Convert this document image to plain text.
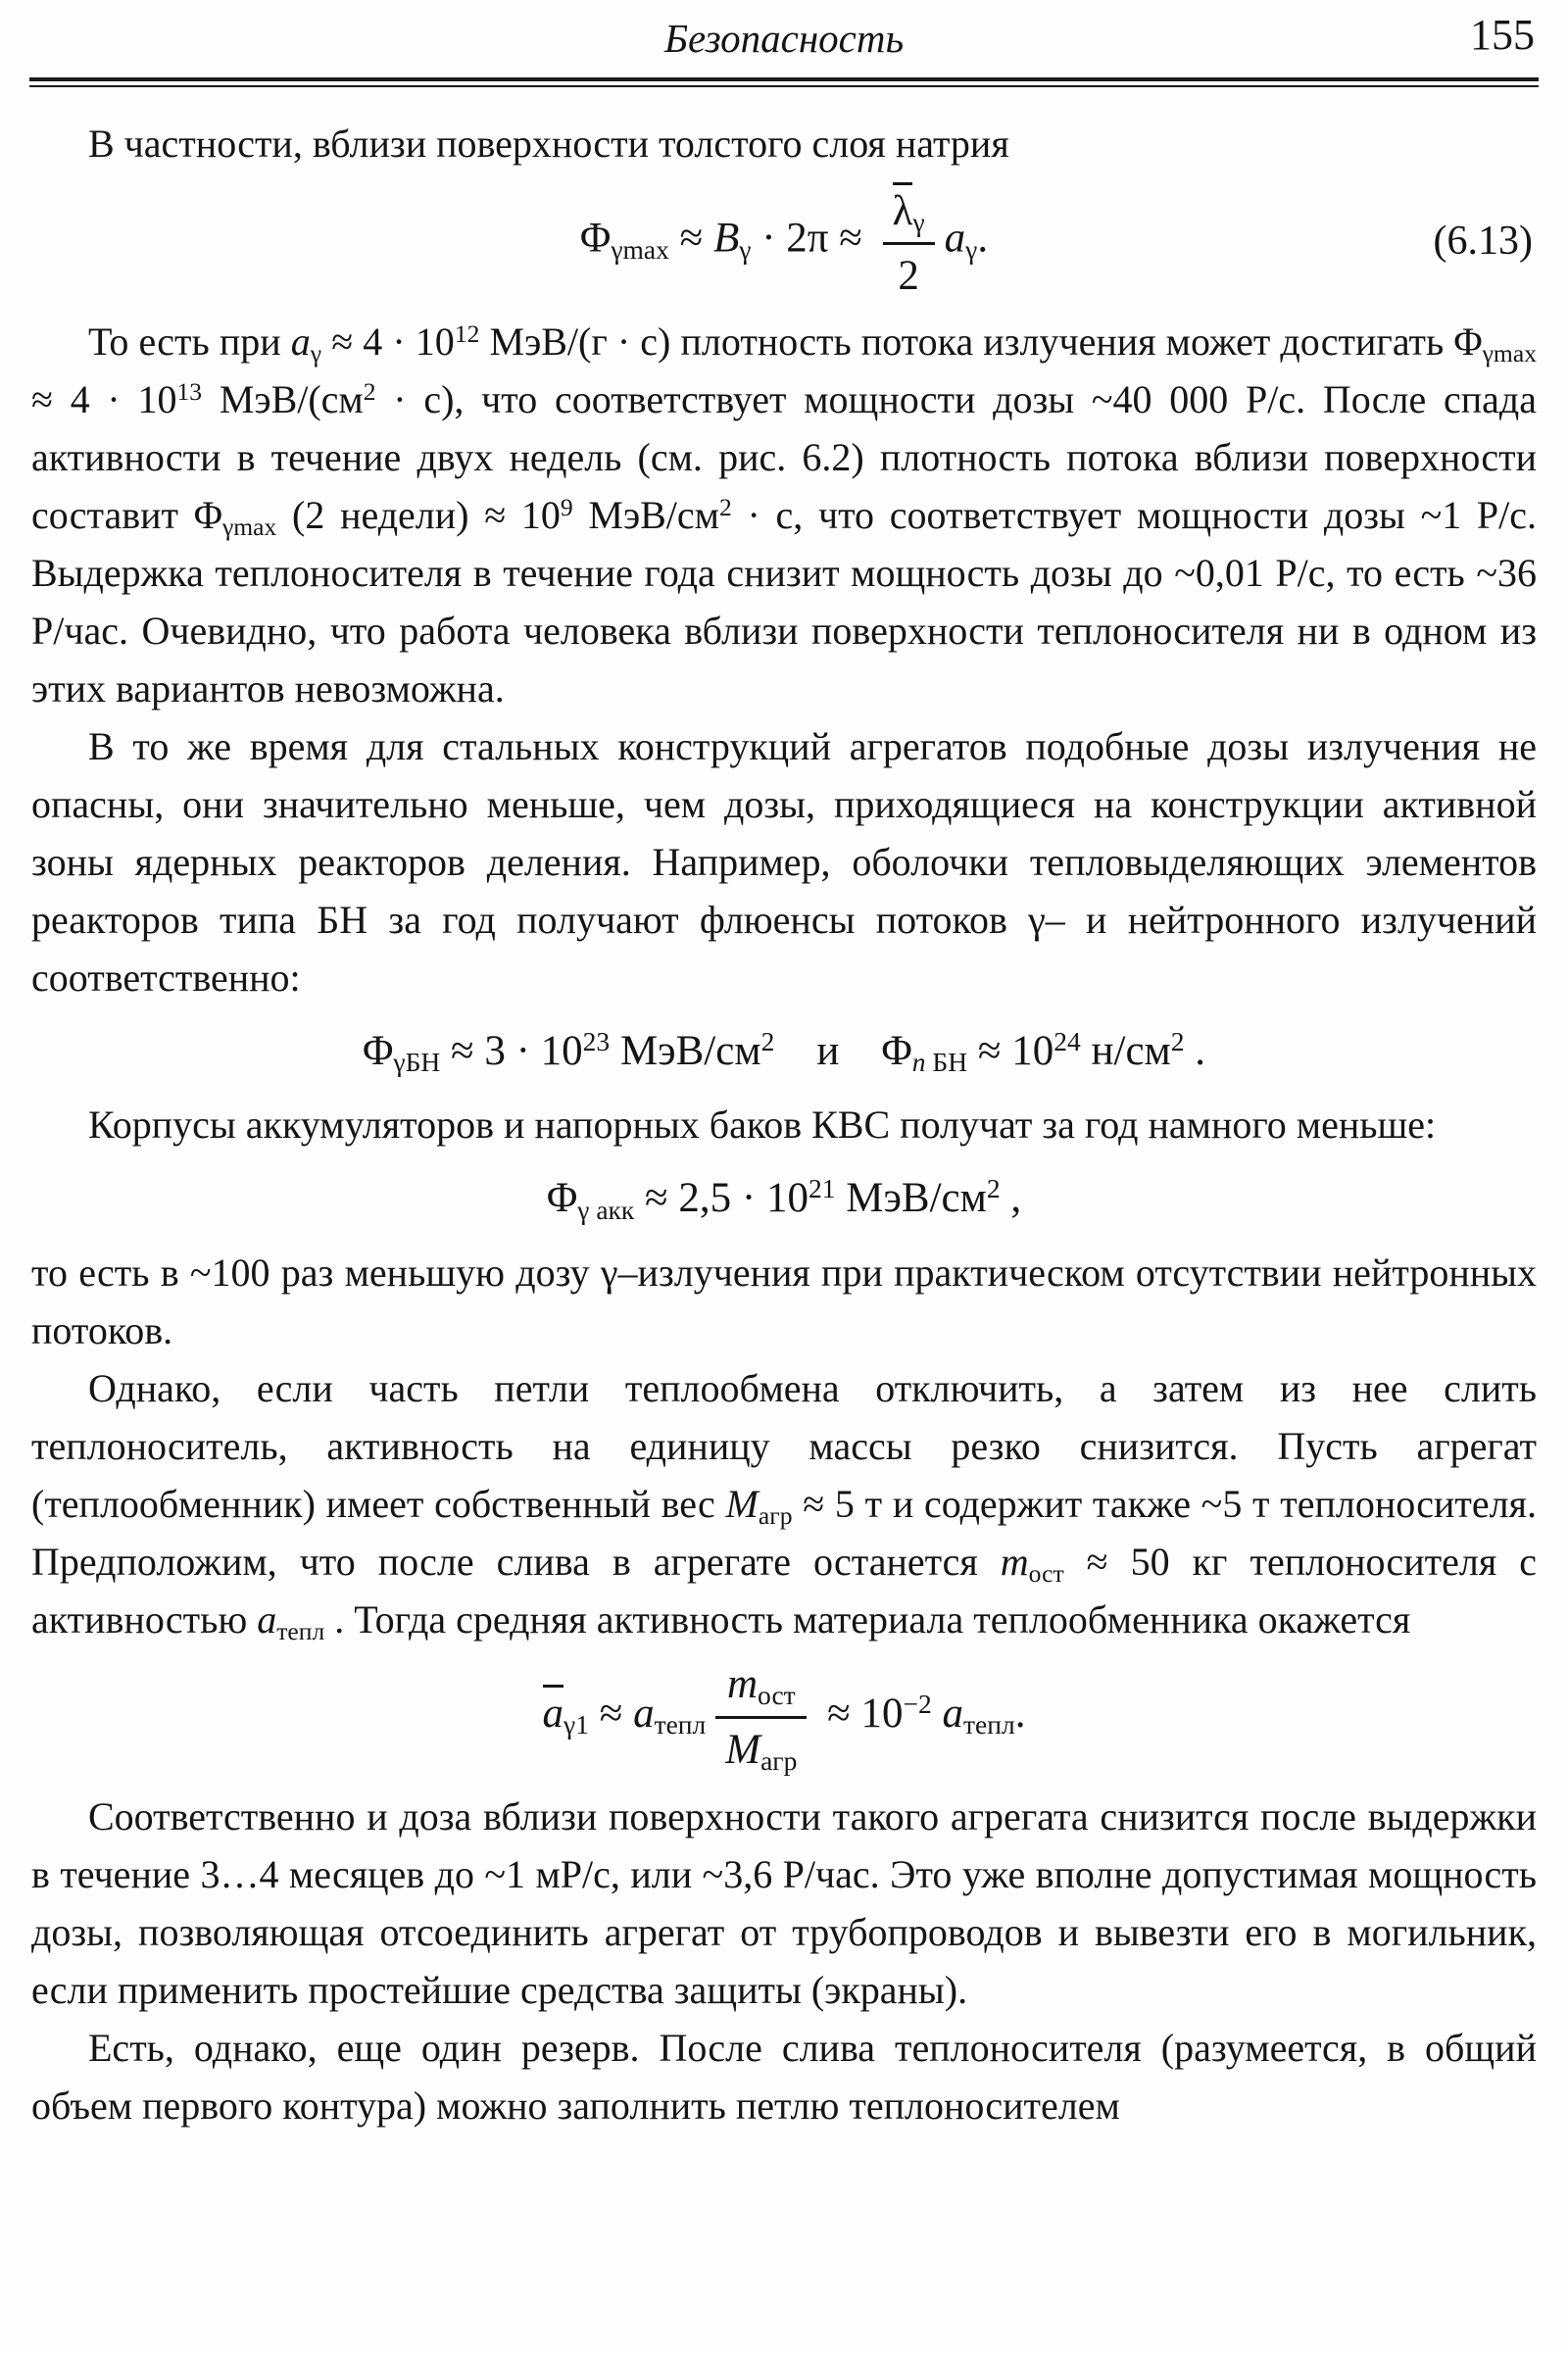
Безопасность	155

В частности, вблизи поверхности толстого слоя натрия

$\Phi_{\gamma max} \approx B_\gamma \cdot 2\pi \approx \frac{\lambda_\gamma}{2} a_\gamma$.	(6.13)

То есть при $a_\gamma \approx 4 \cdot 10^{12}$ МэВ/(г · с) плотность потока излучения может достигать $\Phi_{\gamma max} \approx 4 \cdot 10^{13}$ МэВ/$(см^2 \cdot с)$, что соответствует мощности дозы ~40 000 Р/с. После спада активности в течение двух недель (см. рис. 6.2) плотность потока вблизи поверхности составит $\Phi_{\gamma max}$ (2 недели) ≈ $10^9$ МэВ/$см^2 \cdot с$, что соответствует мощности дозы ~1 Р/с. Выдержка теплоносителя в течение года снизит мощность дозы до ~0,01 Р/с, то есть ~36 Р/час. Очевидно, что работа человека вблизи поверхности теплоносителя ни в одном из этих вариантов невозможна.

В то же время для стальных конструкций агрегатов подобные дозы излучения не опасны, они значительно меньше, чем дозы, приходящиеся на конструкции активной зоны ядерных реакторов деления. Например, оболочки тепловыделяющих элементов реакторов типа БН за год получают флюенсы потоков γ– и нейтронного излучений соответственно:

$\Phi_{\gamma БН} \approx 3 \cdot 10^{23}$ МэВ/$см^2$    и    $\Phi_{n БН} \approx 10^{24}$ $н/см^2$ .

Корпусы аккумуляторов и напорных баков КВС получат за год намного меньше:

$\Phi_{\gamma акк} \approx 2,5 \cdot 10^{21}$ МэВ/$см^2$ ,

то есть в ~100 раз меньшую дозу γ–излучения при практическом отсутствии нейтронных потоков.

Однако, если часть петли теплообмена отключить, а затем из нее слить теплоноситель, активность на единицу массы резко снизится. Пусть агрегат (теплообменник) имеет собственный вес $M_{агр} \approx 5$ т и содержит также ~5 т теплоносителя. Предположим, что после слива в агрегате останется $m_{ост} \approx 50$ кг теплоносителя с активностью $a_{тепл}$ . Тогда средняя активность материала теплообменника окажется

$a_{\gamma 1} \approx a_{тепл} \frac{m_{ост}}{M_{агр}} \approx 10^{-2}$ $a_{тепл}$.

Соответственно и доза вблизи поверхности такого агрегата снизится после выдержки в течение 3…4 месяцев до ~1 мР/с, или ~3,6 Р/час. Это уже вполне допустимая мощность дозы, позволяющая отсоединить агрегат от трубопроводов и вывезти его в могильник, если применить простейшие средства защиты (экраны).

Есть, однако, еще один резерв. После слива теплоносителя (разумеется, в общий объем первого контура) можно заполнить петлю теплоносителем
